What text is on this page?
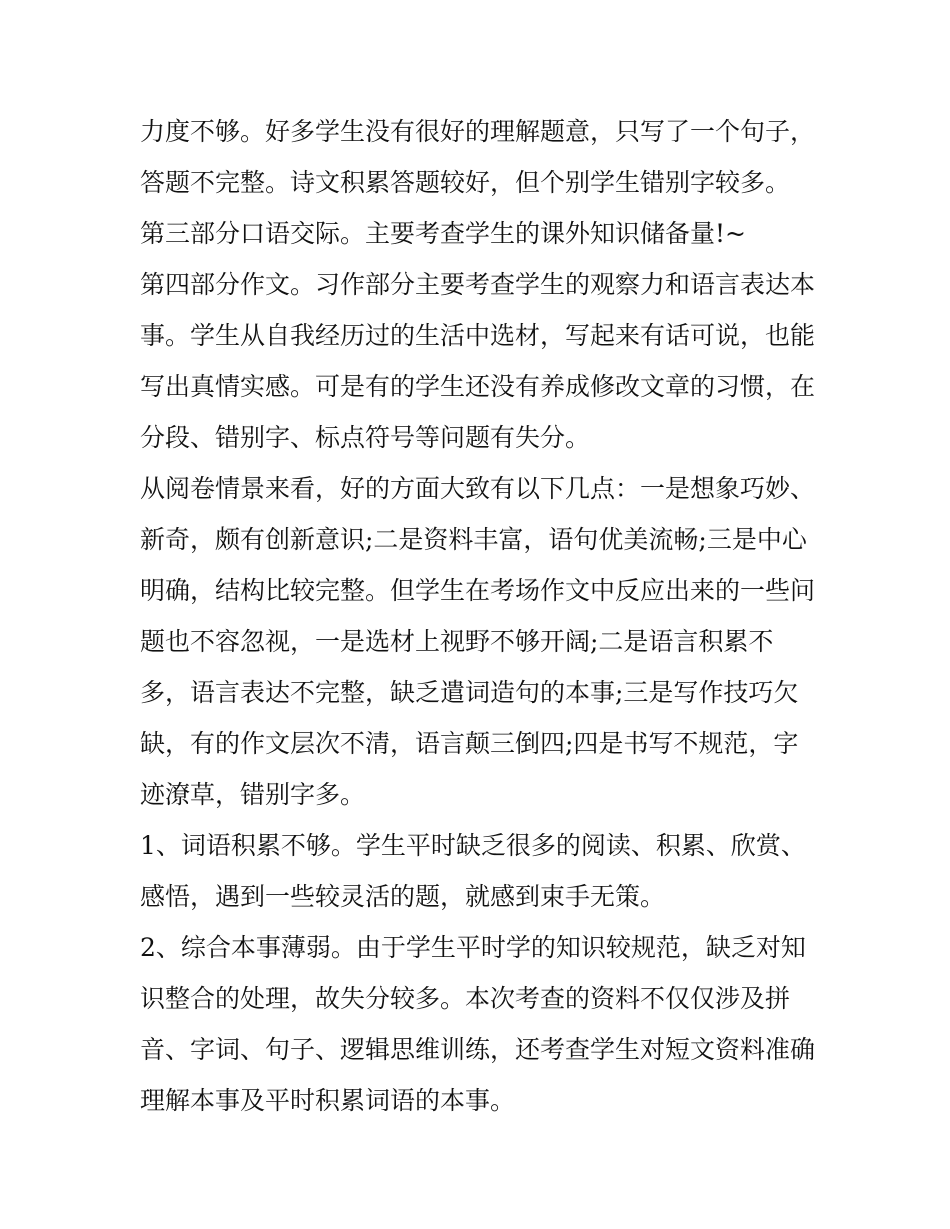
力度不够。好多学生没有很好的理解题意，只写了一个句子，
答题不完整。诗文积累答题较好，但个别学生错别字较多。
第三部分口语交际。主要考查学生的课外知识储备量!~
第四部分作文。习作部分主要考查学生的观察力和语言表达本
事。学生从自我经历过的生活中选材，写起来有话可说，也能
写出真情实感。可是有的学生还没有养成修改文章的习惯，在
分段、错别字、标点符号等问题有失分。
从阅卷情景来看，好的方面大致有以下几点：一是想象巧妙、
新奇，颇有创新意识;二是资料丰富，语句优美流畅;三是中心
明确，结构比较完整。但学生在考场作文中反应出来的一些问
题也不容忽视，一是选材上视野不够开阔;二是语言积累不
多，语言表达不完整，缺乏遣词造句的本事;三是写作技巧欠
缺，有的作文层次不清，语言颠三倒四;四是书写不规范，字
迹潦草，错别字多。
1、词语积累不够。学生平时缺乏很多的阅读、积累、欣赏、
感悟，遇到一些较灵活的题，就感到束手无策。
2、综合本事薄弱。由于学生平时学的知识较规范，缺乏对知
识整合的处理，故失分较多。本次考查的资料不仅仅涉及拼
音、字词、句子、逻辑思维训练，还考查学生对短文资料准确
理解本事及平时积累词语的本事。
